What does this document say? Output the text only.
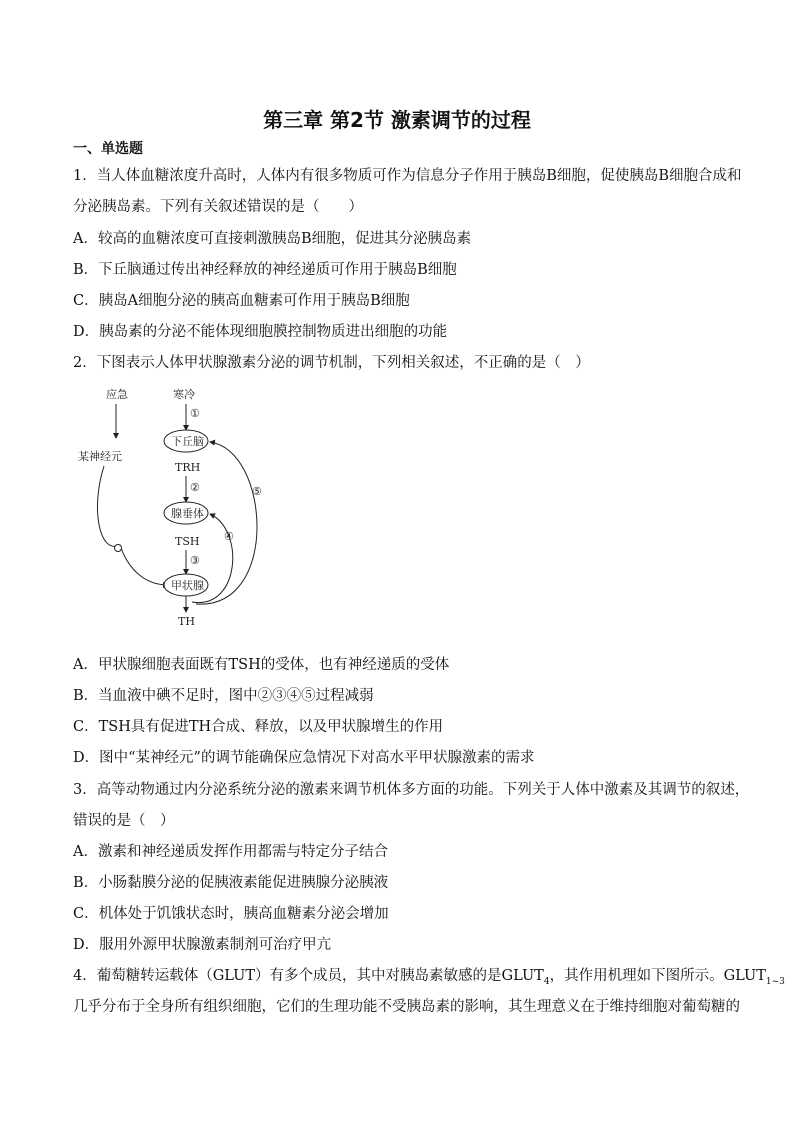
第三章 第2节 激素调节的过程
一、单选题
1．当人体血糖浓度升高时，人体内有很多物质可作为信息分子作用于胰岛B细胞，促使胰岛B细胞合成和
分泌胰岛素。下列有关叙述错误的是（　　）
A．较高的血糖浓度可直接刺激胰岛B细胞，促进其分泌胰岛素
B．下丘脑通过传出神经释放的神经递质可作用于胰岛B细胞
C．胰岛A细胞分泌的胰高血糖素可作用于胰岛B细胞
D．胰岛素的分泌不能体现细胞膜控制物质进出细胞的功能
2．下图表示人体甲状腺激素分泌的调节机制，下列相关叙述，不正确的是（　）
应急	寒冷
某神经元
①
下丘脑
TRH
②
腺垂体
TSH
③
甲状腺
TH
④
⑤
A．甲状腺细胞表面既有TSH的受体，也有神经递质的受体
B．当血液中碘不足时，图中②③④⑤过程减弱
C．TSH具有促进TH合成、释放，以及甲状腺增生的作用
D．图中“某神经元”的调节能确保应急情况下对高水平甲状腺激素的需求
3．高等动物通过内分泌系统分泌的激素来调节机体多方面的功能。下列关于人体中激素及其调节的叙述，
错误的是（　）
A．激素和神经递质发挥作用都需与特定分子结合
B．小肠黏膜分泌的促胰液素能促进胰腺分泌胰液
C．机体处于饥饿状态时，胰高血糖素分泌会增加
D．服用外源甲状腺激素制剂可治疗甲亢
4．葡萄糖转运载体（GLUT）有多个成员，其中对胰岛素敏感的是$GLUT_4$，其作用机理如下图所示。$GLUT_{1\sim 3}$
几乎分布于全身所有组织细胞，它们的生理功能不受胰岛素的影响，其生理意义在于维持细胞对葡萄糖的
